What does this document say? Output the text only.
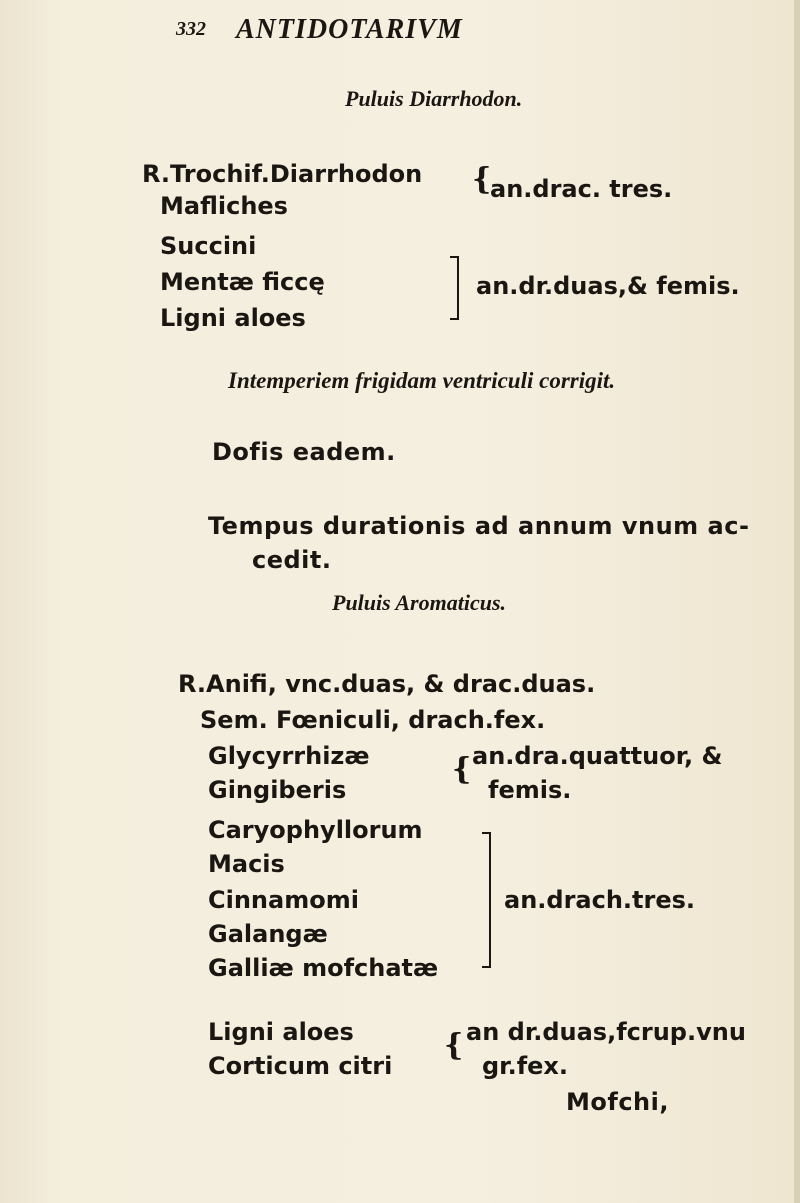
332 ANTIDOTARIVM
Puluis Diarrhodon.
R.Trochif.Diarrhodon
Mafliches
Succini
Mentæ ficcę
Ligni aloes
{
an.drac. tres.
an.dr.duas,& femis.
Intemperiem frigidam ventriculi corrigit.
Dofis eadem.
Tempus durationis ad annum vnum ac-
cedit.
Puluis Aromaticus.
R.Anifi, vnc.duas, & drac.duas.
Sem. Fœniculi, drach.fex.
Glycyrrhizæ
Gingiberis
{ an.dra.quattuor, &
femis.
Caryophyllorum
Macis
Cinnamomi
Galangæ
Galliæ mofchatæ
an.drach.tres.
Ligni aloes
Corticum citri
{ an dr.duas,fcrup.vnu
gr.fex.
Mofchi,
